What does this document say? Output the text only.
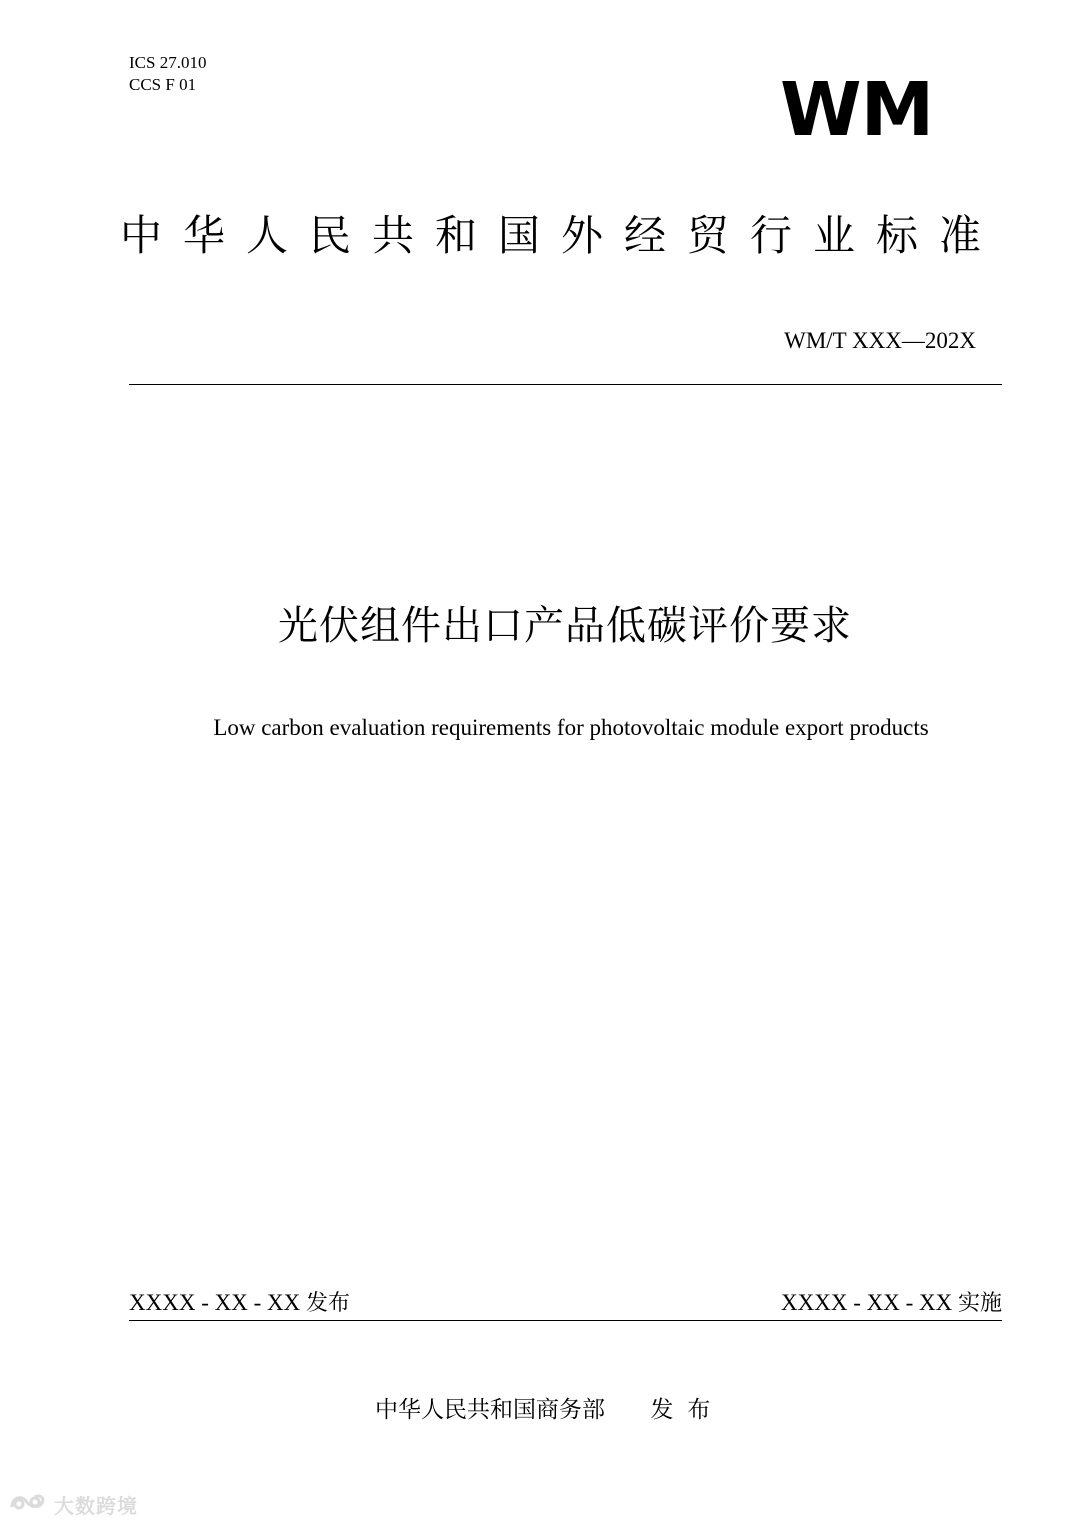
ICS 27.010
CCS F 01	WM
中华人民共和国外经贸行业标准
WM/T XXX—202X
光伏组件出口产品低碳评价要求
Low carbon evaluation requirements for photovoltaic module export products
XXXX - XX - XX 发布	XXXX - XX - XX 实施
中华人民共和国商务部 发布
大数跨境
